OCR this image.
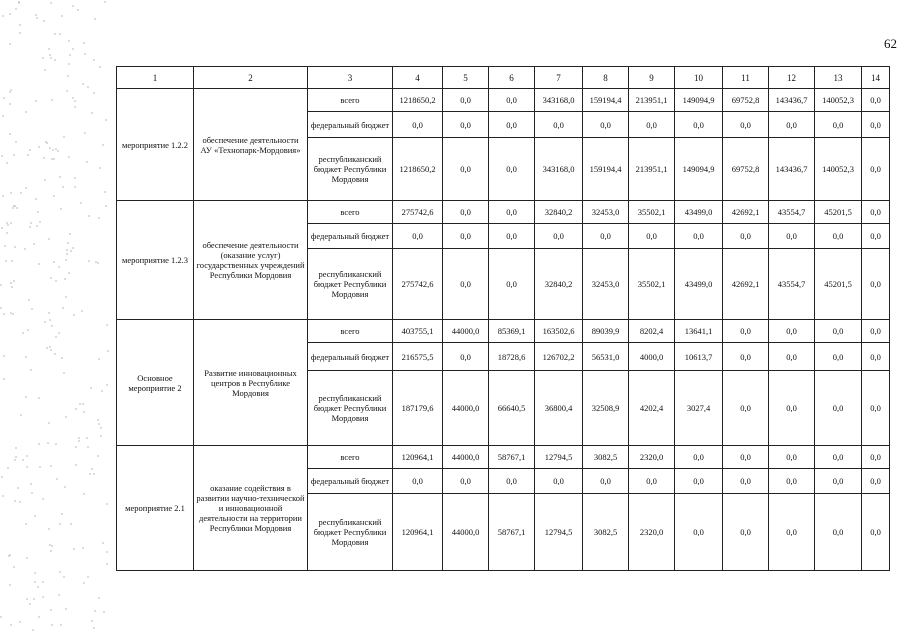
62
1	2	3	4	5	6	7	8	9	10	11	12	13	14
мероприятие 1.2.2	обеспечение деятельности АУ «Технопарк-Мордовия»	всего	1218650,2	0,0	0,0	343168,0	159194,4	213951,1	149094,9	69752,8	143436,7	140052,3	0,0
		федеральный бюджет	0,0	0,0	0,0	0,0	0,0	0,0	0,0	0,0	0,0	0,0	0,0
		республиканский бюджет Республики Мордовия	1218650,2	0,0	0,0	343168,0	159194,4	213951,1	149094,9	69752,8	143436,7	140052,3	0,0
мероприятие 1.2.3	обеспечение деятельности (оказание услуг) государственных учреждений Республики Мордовия	всего	275742,6	0,0	0,0	32840,2	32453,0	35502,1	43499,0	42692,1	43554,7	45201,5	0,0
		федеральный бюджет	0,0	0,0	0,0	0,0	0,0	0,0	0,0	0,0	0,0	0,0	0,0
		республиканский бюджет Республики Мордовия	275742,6	0,0	0,0	32840,2	32453,0	35502,1	43499,0	42692,1	43554,7	45201,5	0,0
Основное мероприятие 2	Развитие инновационных центров в Республике Мордовия	всего	403755,1	44000,0	85369,1	163502,6	89039,9	8202,4	13641,1	0,0	0,0	0,0	0,0
		федеральный бюджет	216575,5	0,0	18728,6	126702,2	56531,0	4000,0	10613,7	0,0	0,0	0,0	0,0
		республиканский бюджет Республики Мордовия	187179,6	44000,0	66640,5	36800,4	32508,9	4202,4	3027,4	0,0	0,0	0,0	0,0
мероприятие 2.1	оказание содействия в развитии научно-технической и инновационной деятельности на территории Республики Мордовия	всего	120964,1	44000,0	58767,1	12794,5	3082,5	2320,0	0,0	0,0	0,0	0,0	0,0
		федеральный бюджет	0,0	0,0	0,0	0,0	0,0	0,0	0,0	0,0	0,0	0,0	0,0
		республиканский бюджет Республики Мордовия	120964,1	44000,0	58767,1	12794,5	3082,5	2320,0	0,0	0,0	0,0	0,0	0,0
